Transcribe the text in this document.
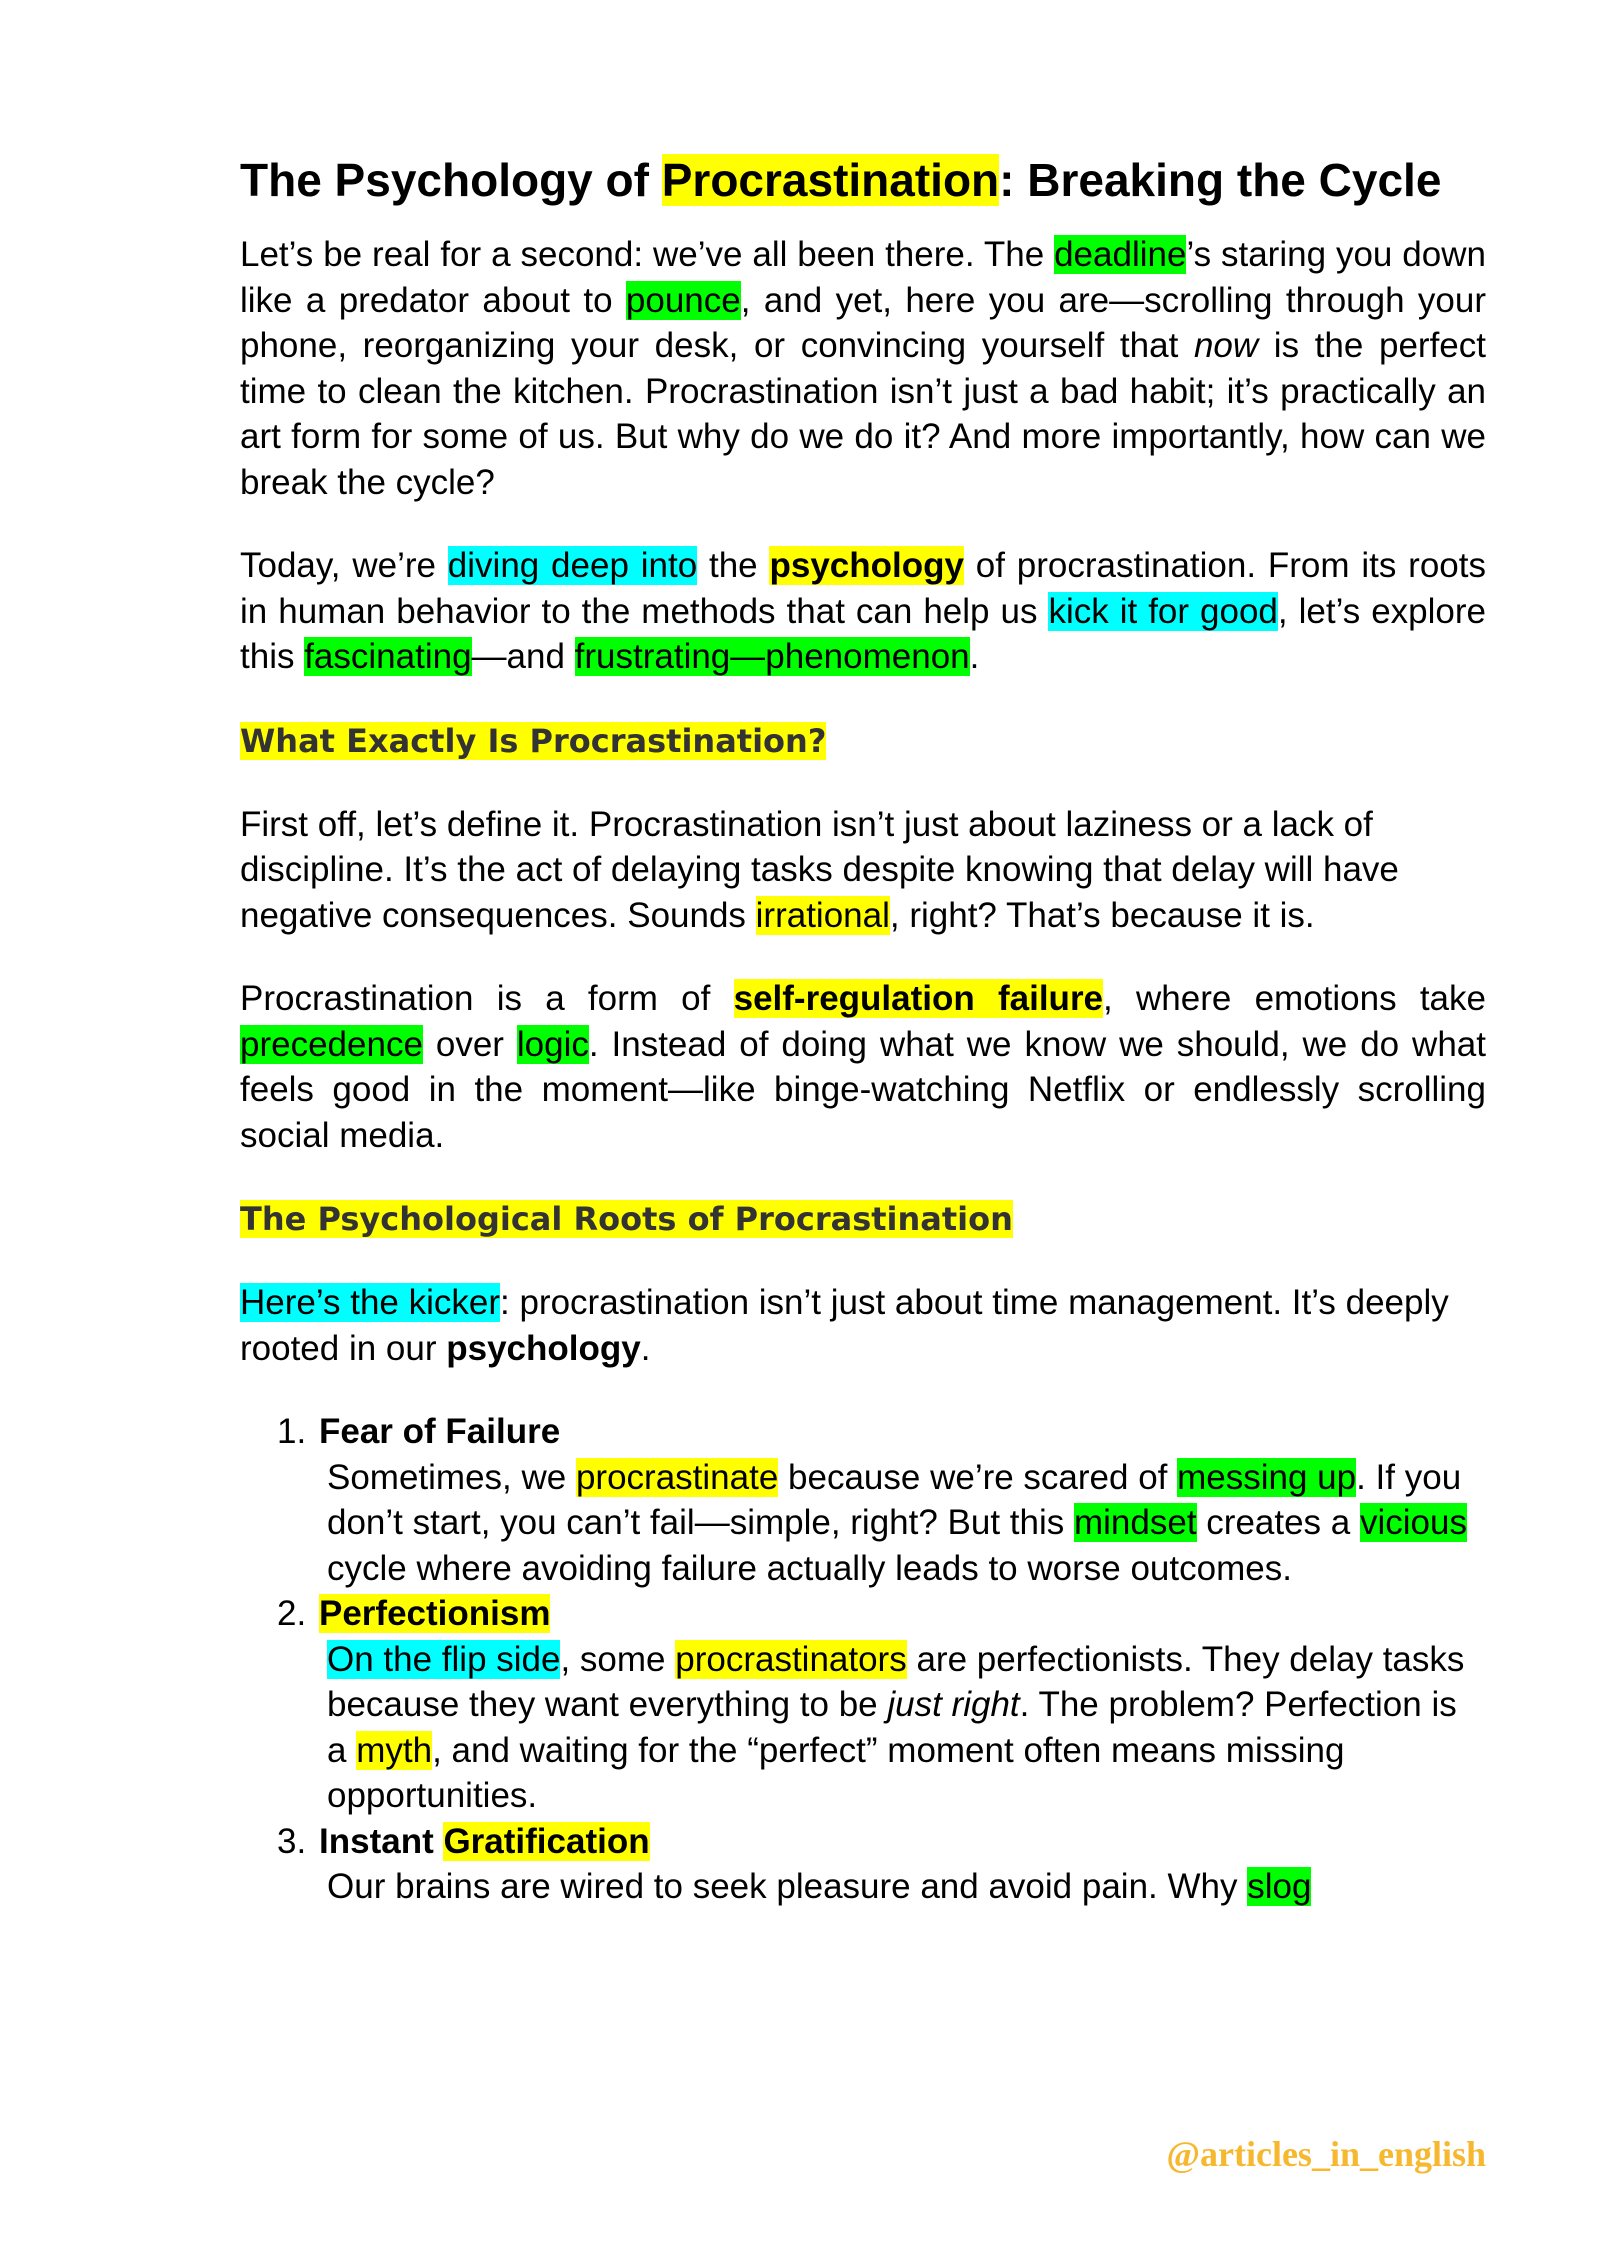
The Psychology of Procrastination: Breaking the Cycle

Let’s be real for a second: we’ve all been there. The deadline’s staring you down like a predator about to pounce, and yet, here you are—scrolling through your phone, reorganizing your desk, or convincing yourself that now is the perfect time to clean the kitchen. Procrastination isn’t just a bad habit; it’s practically an art form for some of us. But why do we do it? And more importantly, how can we break the cycle?

Today, we’re diving deep into the psychology of procrastination. From its roots in human behavior to the methods that can help us kick it for good, let’s explore this fascinating—and frustrating—phenomenon.

What Exactly Is Procrastination?

First off, let’s define it. Procrastination isn’t just about laziness or a lack of discipline. It’s the act of delaying tasks despite knowing that delay will have negative consequences. Sounds irrational, right? That’s because it is.

Procrastination is a form of self-regulation failure, where emotions take precedence over logic. Instead of doing what we know we should, we do what feels good in the moment—like binge-watching Netflix or endlessly scrolling social media.

The Psychological Roots of Procrastination

Here’s the kicker: procrastination isn’t just about time management. It’s deeply rooted in our psychology.

1. Fear of Failure
Sometimes, we procrastinate because we’re scared of messing up. If you don’t start, you can’t fail—simple, right? But this mindset creates a vicious cycle where avoiding failure actually leads to worse outcomes.
2. Perfectionism
On the flip side, some procrastinators are perfectionists. They delay tasks because they want everything to be just right. The problem? Perfection is a myth, and waiting for the “perfect” moment often means missing opportunities.
3. Instant Gratification
Our brains are wired to seek pleasure and avoid pain. Why slog
@articles_in_english
